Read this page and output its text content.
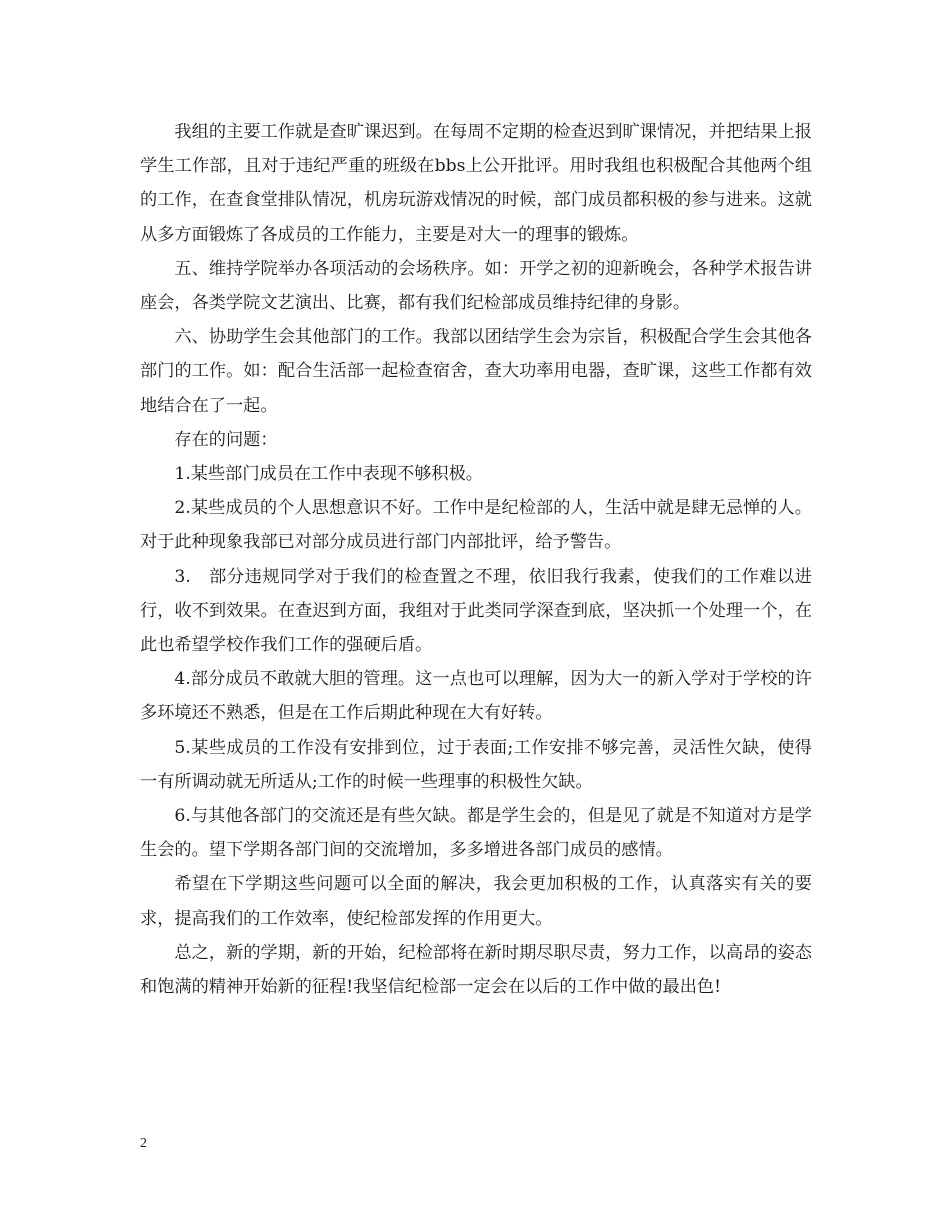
我组的主要工作就是查旷课迟到。在每周不定期的检查迟到旷课情况，并把结果上报学生工作部，且对于违纪严重的班级在bbs上公开批评。用时我组也积极配合其他两个组的工作，在查食堂排队情况，机房玩游戏情况的时候，部门成员都积极的参与进来。这就从多方面锻炼了各成员的工作能力，主要是对大一的理事的锻炼。

五、维持学院举办各项活动的会场秩序。如：开学之初的迎新晚会，各种学术报告讲座会，各类学院文艺演出、比赛，都有我们纪检部成员维持纪律的身影。

六、协助学生会其他部门的工作。我部以团结学生会为宗旨，积极配合学生会其他各部门的工作。如：配合生活部一起检查宿舍，查大功率用电器，查旷课，这些工作都有效地结合在了一起。

存在的问题：

1.某些部门成员在工作中表现不够积极。

2.某些成员的个人思想意识不好。工作中是纪检部的人，生活中就是肆无忌惮的人。对于此种现象我部已对部分成员进行部门内部批评，给予警告。

3.　部分违规同学对于我们的检查置之不理，依旧我行我素，使我们的工作难以进行，收不到效果。在查迟到方面，我组对于此类同学深查到底，坚决抓一个处理一个，在此也希望学校作我们工作的强硬后盾。

4.部分成员不敢就大胆的管理。这一点也可以理解，因为大一的新入学对于学校的许多环境还不熟悉，但是在工作后期此种现在大有好转。

5.某些成员的工作没有安排到位，过于表面;工作安排不够完善，灵活性欠缺，使得一有所调动就无所适从;工作的时候一些理事的积极性欠缺。

6.与其他各部门的交流还是有些欠缺。都是学生会的，但是见了就是不知道对方是学生会的。望下学期各部门间的交流增加，多多增进各部门成员的感情。

希望在下学期这些问题可以全面的解决，我会更加积极的工作，认真落实有关的要求，提高我们的工作效率，使纪检部发挥的作用更大。

总之，新的学期，新的开始，纪检部将在新时期尽职尽责，努力工作，以高昂的姿态和饱满的精神开始新的征程!我坚信纪检部一定会在以后的工作中做的最出色!

2
